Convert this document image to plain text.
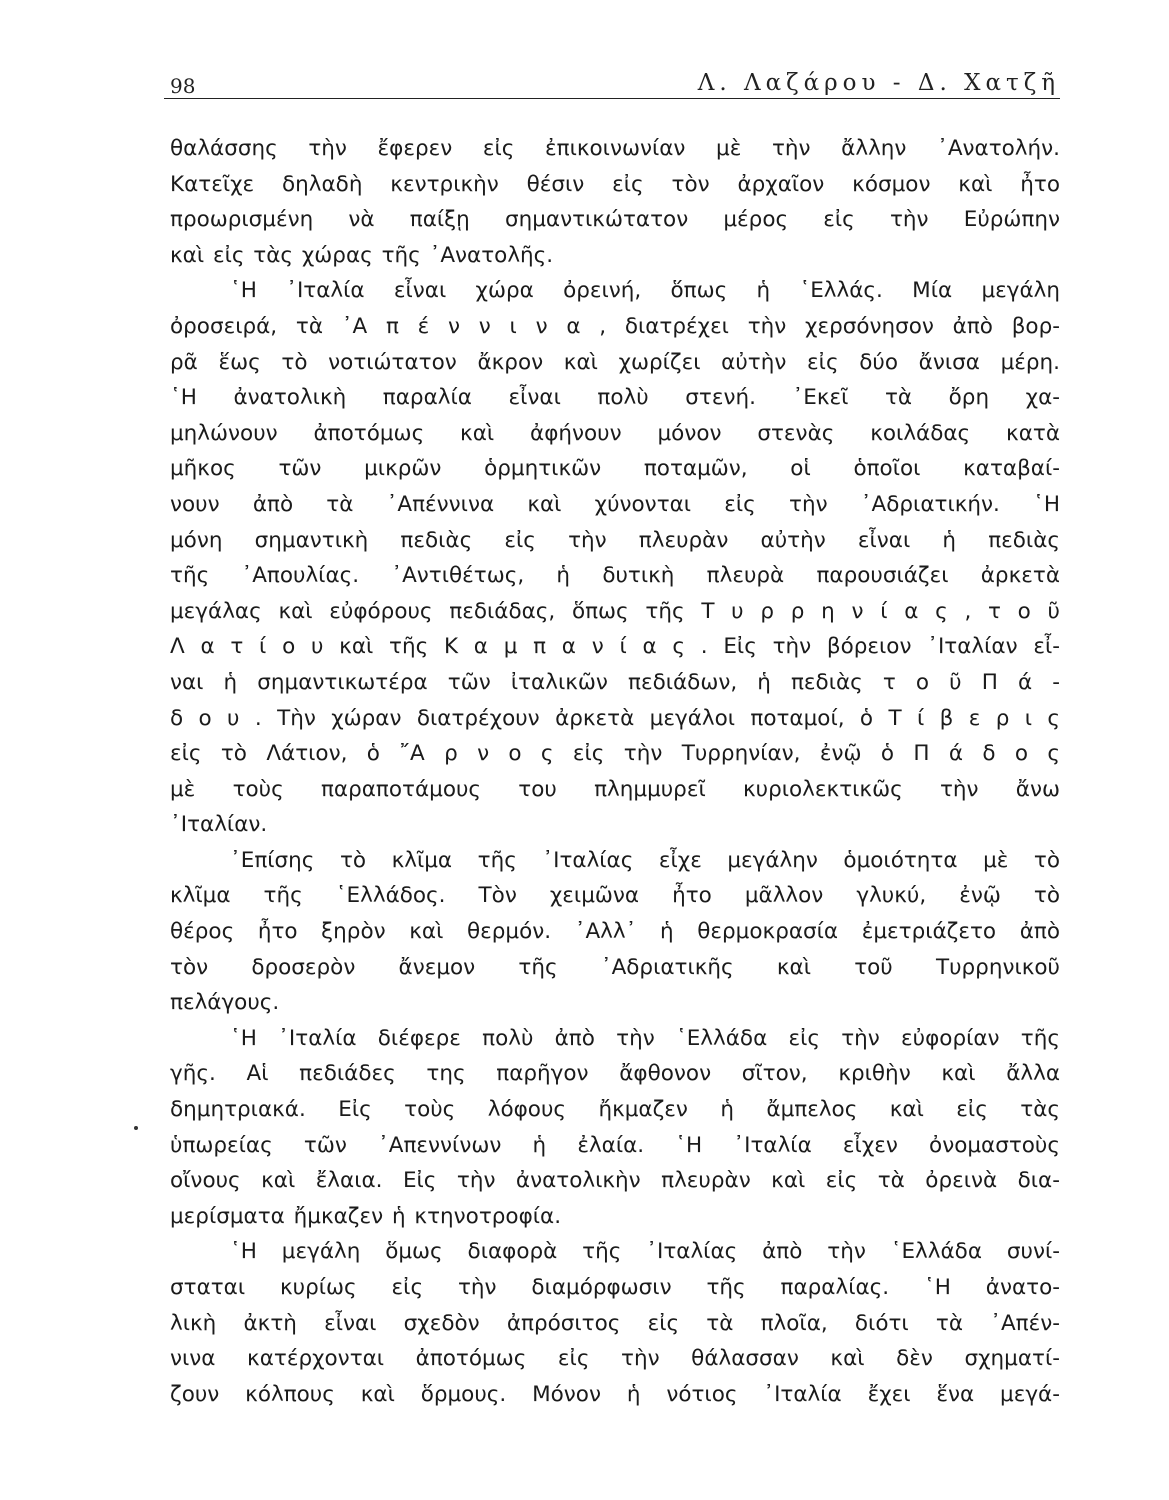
98	Λ. Λαζάρου - Δ. Χατζῆ
θαλάσσης τὴν ἔφερεν εἰς ἐπικοινωνίαν μὲ τὴν ἄλλην ᾿Ανατολήν.
Κατεῖχε δηλαδὴ κεντρικὴν θέσιν εἰς τὸν ἀρχαῖον κόσμον καὶ ἦτο
προωρισμένη νὰ παίξῃ σημαντικώτατον μέρος εἰς τὴν Εὐρώπην
καὶ εἰς τὰς χώρας τῆς ᾿Ανατολῆς.
῾Η ᾿Ιταλία εἶναι χώρα ὀρεινή, ὅπως ἡ ῾Ελλάς. Μία μεγάλη
ὀροσειρά, τὰ ᾿Α π έ ν ν ι ν α , διατρέχει τὴν χερσόνησον ἀπὸ βορ-
ρᾶ ἕως τὸ νοτιώτατον ἄκρον καὶ χωρίζει αὐτὴν εἰς δύο ἄνισα μέρη.
῾Η ἀνατολικὴ παραλία εἶναι πολὺ στενή. ᾿Εκεῖ τὰ ὄρη χα-
μηλώνουν ἀποτόμως καὶ ἀφήνουν μόνον στενὰς κοιλάδας κατὰ
μῆκος τῶν μικρῶν ὁρμητικῶν ποταμῶν, οἱ ὁποῖοι καταβαί-
νουν ἀπὸ τὰ ᾿Απέννινα καὶ χύνονται εἰς τὴν ᾿Αδριατικήν. ῾Η
μόνη σημαντικὴ πεδιὰς εἰς τὴν πλευρὰν αὐτὴν εἶναι ἡ πεδιὰς
τῆς ᾿Απουλίας. ᾿Αντιθέτως, ἡ δυτικὴ πλευρὰ παρουσιάζει ἀρκετὰ
μεγάλας καὶ εὐφόρους πεδιάδας, ὅπως τῆς Τ υ ρ ρ η ν ί α ς , τ ο ῦ
Λ α τ ί ο υ καὶ τῆς Κ α μ π α ν ί α ς . Εἰς τὴν βόρειον ᾿Ιταλίαν εἶ-
ναι ἡ σημαντικωτέρα τῶν ἰταλικῶν πεδιάδων, ἡ πεδιὰς τ ο ῦ Π ά -
δ ο υ . Τὴν χώραν διατρέχουν ἀρκετὰ μεγάλοι ποταμοί, ὁ Τ ί β ε ρ ι ς
εἰς τὸ Λάτιον, ὁ ῎Α ρ ν ο ς εἰς τὴν Τυρρηνίαν, ἐνῷ ὁ Π ά δ ο ς
μὲ τοὺς παραποτάμους του πλημμυρεῖ κυριολεκτικῶς τὴν ἄνω
᾿Ιταλίαν.
᾿Επίσης τὸ κλῖμα τῆς ᾿Ιταλίας εἶχε μεγάλην ὁμοιότητα μὲ τὸ
κλῖμα τῆς ῾Ελλάδος. Τὸν χειμῶνα ἦτο μᾶλλον γλυκύ, ἐνῷ τὸ
θέρος ἦτο ξηρὸν καὶ θερμόν. ᾿Αλλ᾿ ἡ θερμοκρασία ἐμετριάζετο ἀπὸ
τὸν δροσερὸν ἄνεμον τῆς ᾿Αδριατικῆς καὶ τοῦ Τυρρηνικοῦ
πελάγους.
῾Η ᾿Ιταλία διέφερε πολὺ ἀπὸ τὴν ῾Ελλάδα εἰς τὴν εὐφορίαν τῆς
γῆς. Αἱ πεδιάδες της παρῆγον ἄφθονον σῖτον, κριθὴν καὶ ἄλλα
δημητριακά. Εἰς τοὺς λόφους ἤκμαζεν ἡ ἄμπελος καὶ εἰς τὰς
ὑπωρείας τῶν ᾿Απεννίνων ἡ ἐλαία. ῾Η ᾿Ιταλία εἶχεν ὀνομαστοὺς
οἴνους καὶ ἔλαια. Εἰς τὴν ἀνατολικὴν πλευρὰν καὶ εἰς τὰ ὀρεινὰ δια-
μερίσματα ἤμκαζεν ἡ κτηνοτροφία.
῾Η μεγάλη ὅμως διαφορὰ τῆς ᾿Ιταλίας ἀπὸ τὴν ῾Ελλάδα συνί-
σταται κυρίως εἰς τὴν διαμόρφωσιν τῆς παραλίας. ῾Η ἀνατο-
λικὴ ἀκτὴ εἶναι σχεδὸν ἀπρόσιτος εἰς τὰ πλοῖα, διότι τὰ ᾿Απέν-
νινα κατέρχονται ἀποτόμως εἰς τὴν θάλασσαν καὶ δὲν σχηματί-
ζουν κόλπους καὶ ὅρμους. Μόνον ἡ νότιος ᾿Ιταλία ἔχει ἕνα μεγά-
